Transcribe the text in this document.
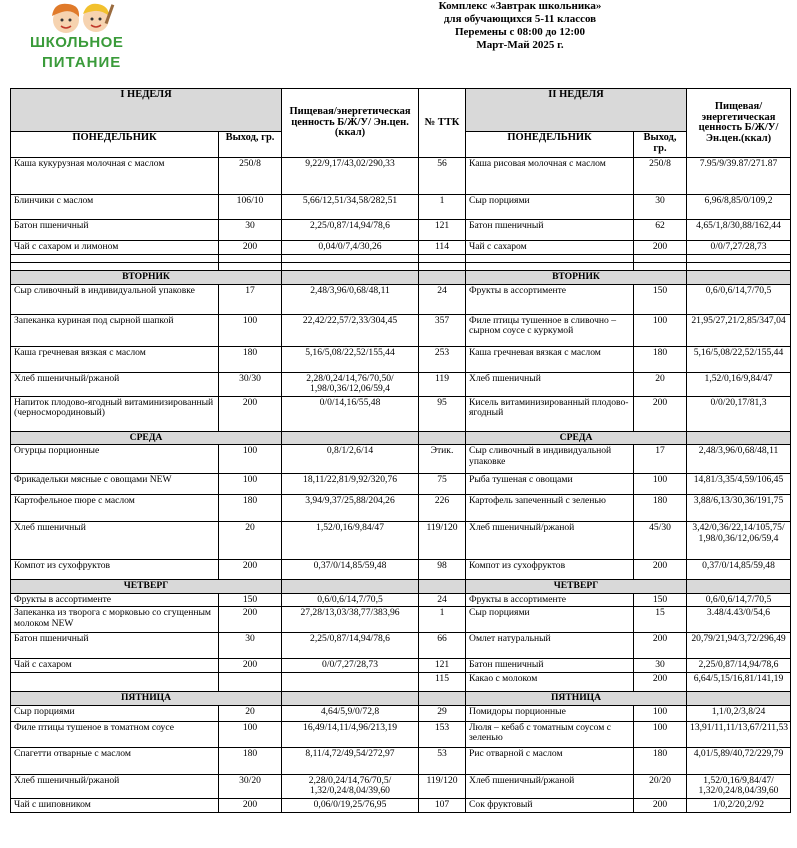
ШКОЛЬНОЕ
ПИТАНИЕ
Комплекс «Завтрак школьника»
для обучающихся 5-11 классов
Перемены с 08:00 до 12:00
Март-Май 2025 г.
I НЕДЕЛЯ		Пищевая/энергетическая ценность Б/Ж/У/ Эн.цен.(ккал)	№ ТТК	II НЕДЕЛЯ		Пищевая/энергетическая ценность Б/Ж/У/ Эн.цен.(ккал)
ПОНЕДЕЛЬНИК	Выход, гр.			ПОНЕДЕЛЬНИК	Выход, гр.	
Каша кукурузная молочная с маслом	250/8	9,22/9,17/43,02/290,33	56	Каша рисовая молочная с маслом	250/8	7.95/9/39.87/271.87
Блинчики с маслом	106/10	5,66/12,51/34,58/282,51	1	Сыр порциями	30	6,96/8,85/0/109,2
Батон пшеничный	30	2,25/0,87/14,94/78,6	121	Батон пшеничный	62	4,65/1,8/30,88/162,44
Чай с сахаром и лимоном	200	0,04/0/7,4/30,26	114	Чай с сахаром	200	0/0/7,27/28,73

ВТОРНИК				ВТОРНИК		
Сыр сливочный в индивидуальной упаковке	17	2,48/3,96/0,68/48,11	24	Фрукты в ассортименте	150	0,6/0,6/14,7/70,5
Запеканка куриная под сырной шапкой	100	22,42/22,57/2,33/304,45	357	Филе птицы тушенное в сливочно – сырном соусе с куркумой	100	21,95/27,21/2,85/347,04
Каша гречневая вязкая с маслом	180	5,16/5,08/22,52/155,44	253	Каша гречневая вязкая с маслом	180	5,16/5,08/22,52/155,44
Хлеб пшеничный/ржаной	30/30	2,28/0,24/14,76/70,50/ 1,98/0,36/12,06/59,4	119	Хлеб пшеничный	20	1,52/0,16/9,84/47
Напиток плодово-ягодный витаминизированный (черносмородиновый)	200	0/0/14,16/55,48	95	Кисель витаминизированный плодово-ягодный	200	0/0/20,17/81,3
СРЕДА				СРЕДА		
Огурцы порционные	100	0,8/1/2,6/14	Этик.	Сыр сливочный в индивидуальной упаковке	17	2,48/3,96/0,68/48,11
Фрикадельки мясные с овощами NEW	100	18,11/22,81/9,92/320,76	75	Рыба тушеная с овощами	100	14,81/3,35/4,59/106,45
Картофельное пюре с маслом	180	3,94/9,37/25,88/204,26	226	Картофель запеченный с зеленью	180	3,88/6,13/30,36/191,75
Хлеб пшеничный	20	1,52/0,16/9,84/47	119/120	Хлеб пшеничный/ржаной	45/30	3,42/0,36/22,14/105,75/ 1,98/0,36/12,06/59,4
Компот из сухофруктов	200	0,37/0/14,85/59,48	98	Компот из сухофруктов	200	0,37/0/14,85/59,48
ЧЕТВЕРГ				ЧЕТВЕРГ		
Фрукты в ассортименте	150	0,6/0,6/14,7/70,5	24	Фрукты в ассортименте	150	0,6/0,6/14,7/70,5
Запеканка из творога с морковью со сгущенным молоком NEW	200	27,28/13,03/38,77/383,96	1	Сыр порциями	15	3.48/4.43/0/54,6
Батон пшеничный	30	2,25/0,87/14,94/78,6	66	Омлет натуральный	200	20,79/21,94/3,72/296,49
Чай с сахаром	200	0/0/7,27/28,73	121	Батон пшеничный	30	2,25/0,87/14,94/78,6
			115	Какао с молоком	200	6,64/5,15/16,81/141,19
ПЯТНИЦА				ПЯТНИЦА		
Сыр порциями	20	4,64/5,9/0/72,8	29	Помидоры порционные	100	1,1/0,2/3,8/24
Филе птицы тушеное в томатном соусе	100	16,49/14,11/4,96/213,19	153	Люля – кебаб с томатным соусом с зеленью	100	13,91/11,11/13,67/211,53
Спагетти отварные с маслом	180	8,11/4,72/49,54/272,97	53	Рис отварной с маслом	180	4,01/5,89/40,72/229,79
Хлеб пшеничный/ржаной	30/20	2,28/0,24/14,76/70,5/ 1,32/0,24/8,04/39,60	119/120	Хлеб пшеничный/ржаной	20/20	1,52/0,16/9,84/47/ 1,32/0,24/8,04/39,60
Чай с шиповником	200	0,06/0/19,25/76,95	107	Сок фруктовый	200	1/0,2/20,2/92
